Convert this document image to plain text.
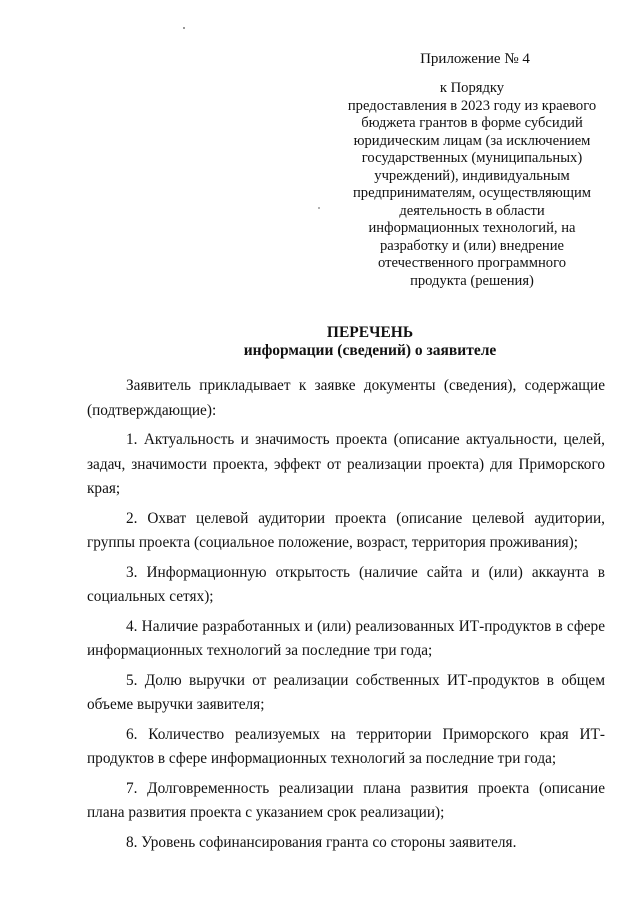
Приложение № 4
к Порядку
предоставления в 2023 году из краевого
бюджета грантов в форме субсидий
юридическим лицам (за исключением
государственных (муниципальных)
учреждений), индивидуальным
предпринимателям, осуществляющим
деятельность в области
информационных технологий, на
разработку и (или) внедрение
отечественного программного
продукта (решения)
ПЕРЕЧЕНЬ
информации (сведений) о заявителе

Заявитель прикладывает к заявке документы (сведения), содержащие (подтверждающие):

1. Актуальность и значимость проекта (описание актуальности, целей, задач, значимости проекта, эффект от реализации проекта) для Приморского края;

2. Охват целевой аудитории проекта (описание целевой аудитории, группы проекта (социальное положение, возраст, территория проживания);

3. Информационную открытость (наличие сайта и (или) аккаунта в социальных сетях);

4. Наличие разработанных и (или) реализованных ИТ-продуктов в сфере информационных технологий за последние три года;

5. Долю выручки от реализации собственных ИТ-продуктов в общем объеме выручки заявителя;

6. Количество реализуемых на территории Приморского края ИТ-продуктов в сфере информационных технологий за последние три года;

7. Долговременность реализации плана развития проекта (описание плана развития проекта с указанием срок реализации);

8. Уровень софинансирования гранта со стороны заявителя.
